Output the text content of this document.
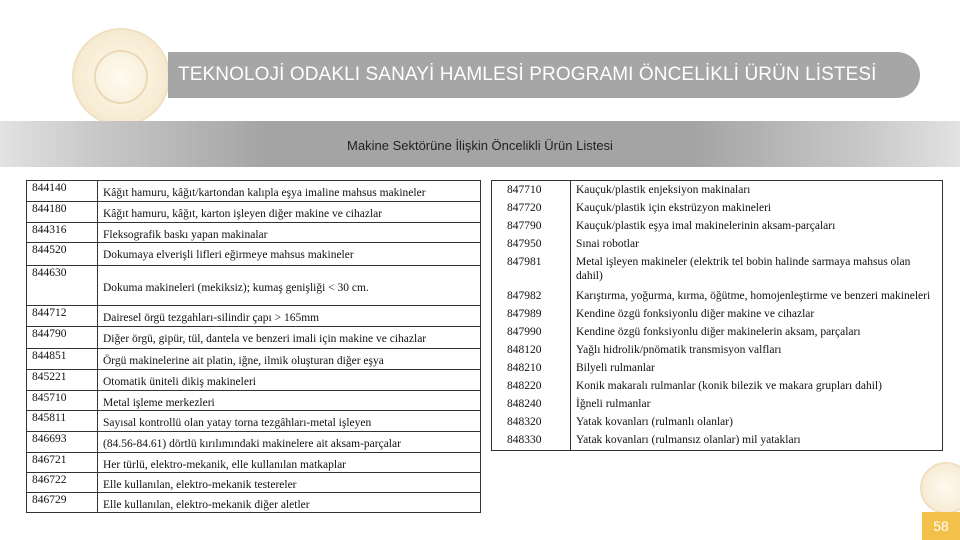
TEKNOLOJİ ODAKLI SANAYİ HAMLESİ PROGRAMI ÖNCELİKLİ ÜRÜN LİSTESİ
Makine Sektörüne İlişkin Öncelikli Ürün Listesi
844140	Kâğıt hamuru, kâğıt/kartondan kalıpla eşya imaline mahsus makineler
844180	Kâğıt hamuru, kâğıt, karton işleyen diğer makine ve cihazlar
844316	Fleksografik baskı yapan makinalar
844520	Dokumaya elverişli lifleri eğirmeye mahsus makineler
844630	Dokuma makineleri (mekiksiz); kumaş genişliği < 30 cm.
844712	Dairesel örgü tezgahları-silindir çapı > 165mm
844790	Diğer örgü, gipür, tül, dantela ve benzeri imali için makine ve cihazlar
844851	Örgü makinelerine ait platin, iğne, ilmik oluşturan diğer eşya
845221	Otomatik üniteli dikiş makineleri
845710	Metal işleme merkezleri
845811	Sayısal kontrollü olan yatay torna tezgâhları-metal işleyen
846693	(84.56-84.61) dörtlü kırılımındaki makinelere ait aksam-parçalar
846721	Her türlü, elektro-mekanik, elle kullanılan matkaplar
846722	Elle kullanılan, elektro-mekanik testereler
846729	Elle kullanılan, elektro-mekanik diğer aletler
847710	Kauçuk/plastik enjeksiyon makinaları
847720	Kauçuk/plastik için ekstrüzyon makineleri
847790	Kauçuk/plastik eşya imal makinelerinin aksam-parçaları
847950	Sınai robotlar
847981	Metal işleyen makineler (elektrik tel bobin halinde sarmaya mahsus olan dahil)
847982	Karıştırma, yoğurma, kırma, öğütme, homojenleştirme ve benzeri makineleri
847989	Kendine özgü fonksiyonlu diğer makine ve cihazlar
847990	Kendine özgü fonksiyonlu diğer makinelerin aksam, parçaları
848120	Yağlı hidrolik/pnömatik transmisyon valfları
848210	Bilyeli rulmanlar
848220	Konik makaralı rulmanlar (konik bilezik ve makara grupları dahil)
848240	İğneli rulmanlar
848320	Yatak kovanları (rulmanlı olanlar)
848330	Yatak kovanları (rulmansız olanlar) mil yatakları
58
